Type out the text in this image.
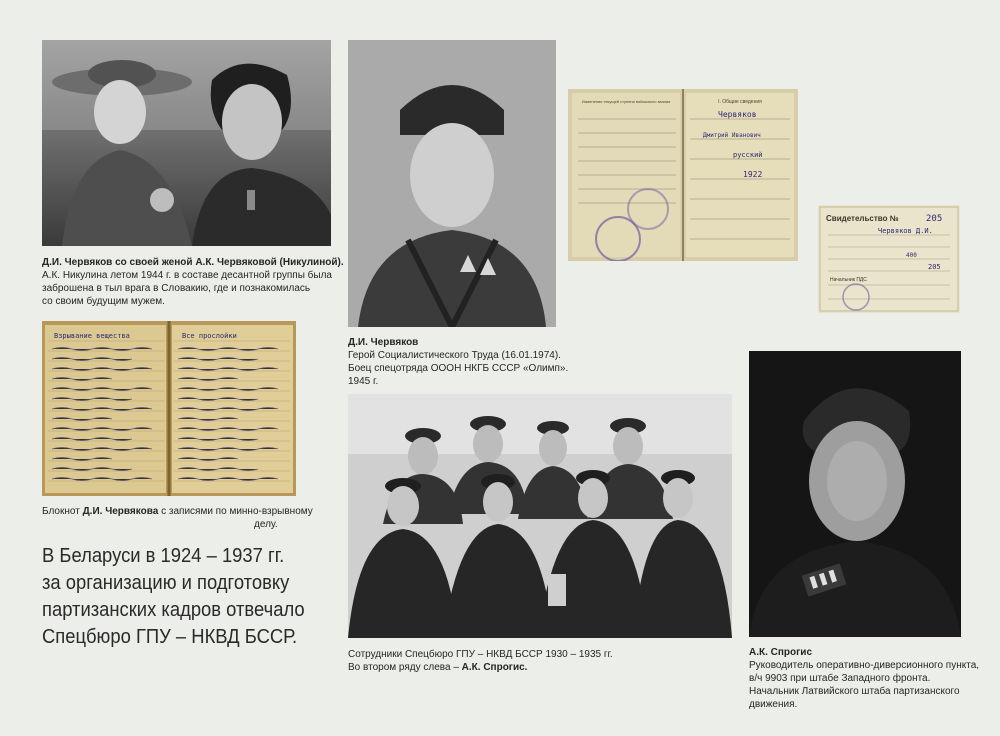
Изменения текущей ступени войскового звания	I. Общие сведения
Червяков
Дмитрий Иванович
1922
русский
Свидетельство №	205
Червяков Д.И.
400
205
Начальник ПДС
Взрывание вещества	Все прослойки
Д.И. Червяков со своей женой А.К. Червяковой (Никулиной).
А.К. Никулина летом 1944 г. в составе десантной группы была
заброшена в тыл врага в Словакию, где и познакомилась
со своим будущим мужем.
Д.И. Червяков
Герой Социалистического Труда (16.01.1974).
Боец спецотряда ОООН НКГБ СССР «Олимп».
1945 г.
Блокнот Д.И. Червякова с записями по минно-взрывному
делу.
В Беларуси в 1924 – 1937 гг.
за организацию и подготовку
партизанских кадров отвечало
Спецбюро ГПУ – НКВД БССР.
Сотрудники Спецбюро ГПУ – НКВД БССР 1930 – 1935 гг.
Во втором ряду слева – А.К. Спрогис.
А.К. Спрогис
Руководитель оперативно-диверсионного пункта,
в/ч 9903 при штабе Западного фронта.
Начальник Латвийского штаба партизанского
движения.
